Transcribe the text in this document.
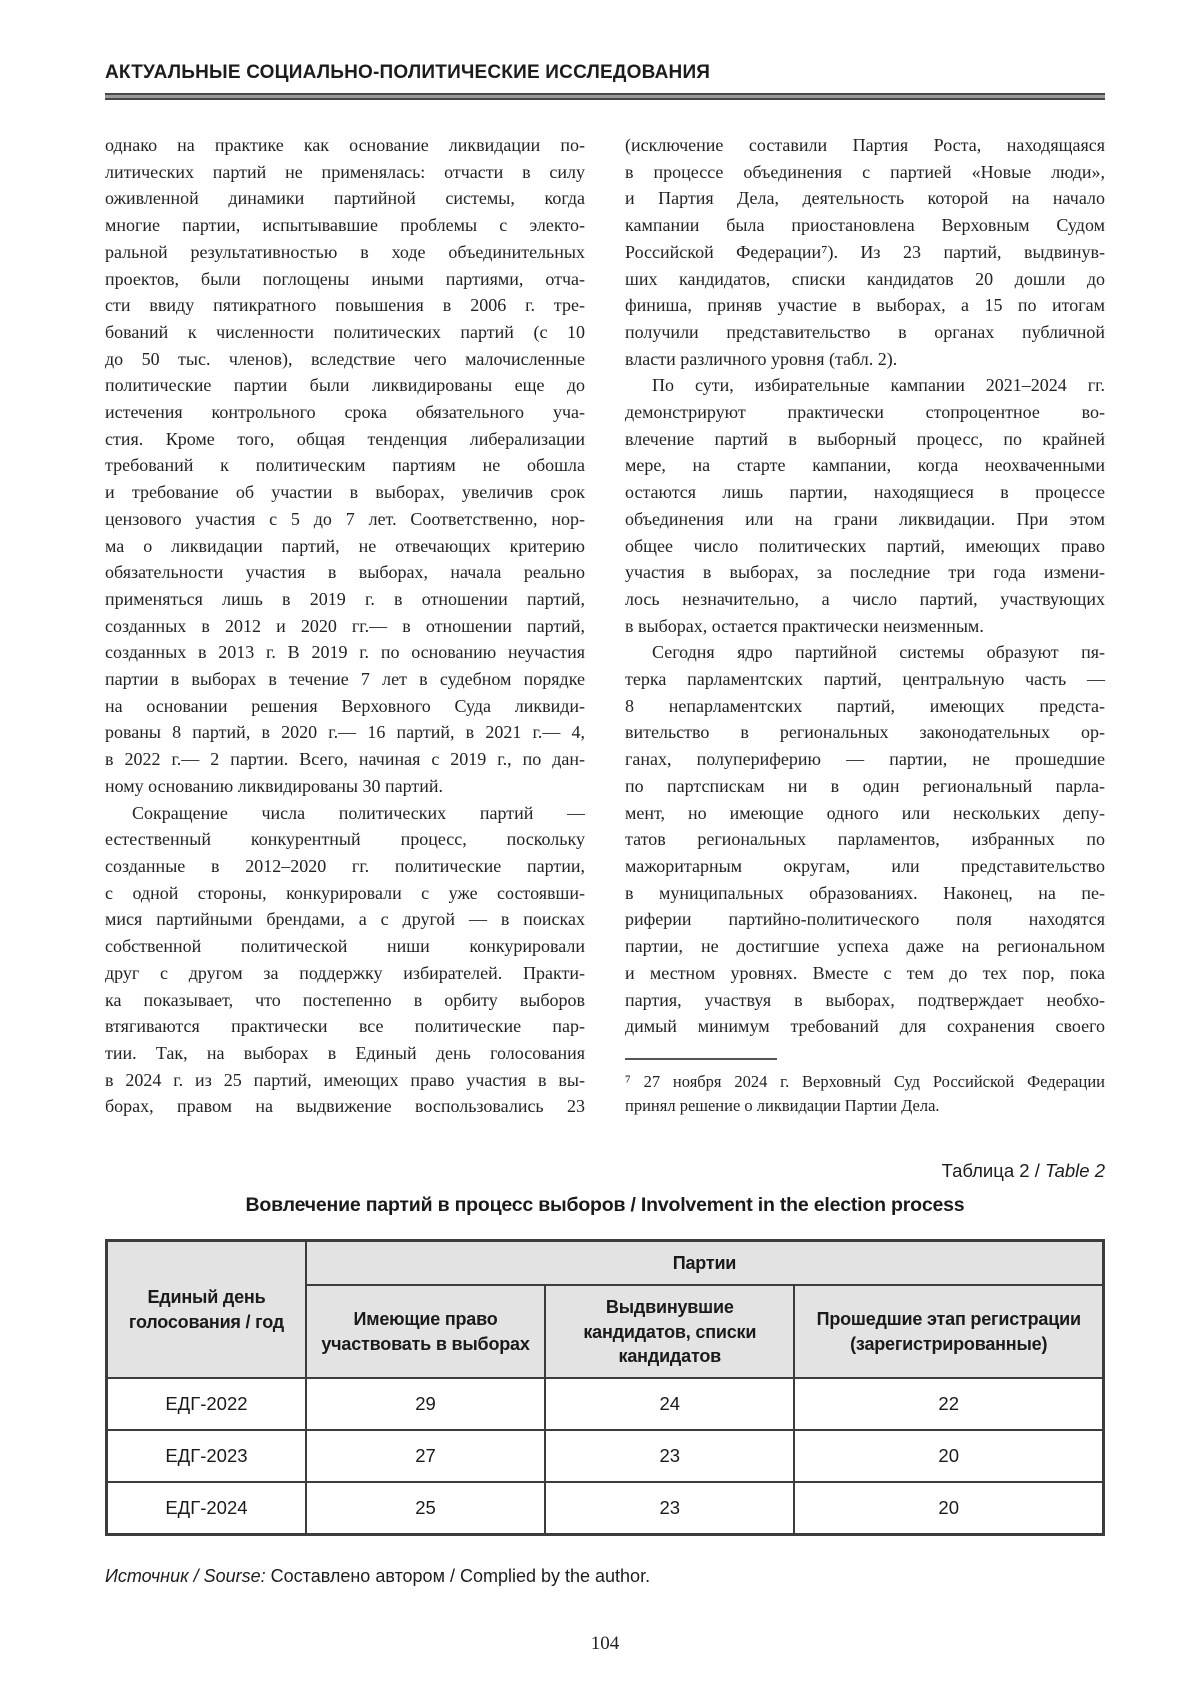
АКТУАЛЬНЫЕ СОЦИАЛЬНО-ПОЛИТИЧЕСКИЕ ИССЛЕДОВАНИЯ
однако на практике как основание ликвидации по-
литических партий не применялась: отчасти в силу
оживленной динамики партийной системы, когда
многие партии, испытывавшие проблемы с электо-
ральной результативностью в ходе объединительных
проектов, были поглощены иными партиями, отча-
сти ввиду пятикратного повышения в 2006 г. тре-
бований к численности политических партий (с 10
до 50 тыс. членов), вследствие чего малочисленные
политические партии были ликвидированы еще до
истечения контрольного срока обязательного уча-
стия. Кроме того, общая тенденция либерализации
требований к политическим партиям не обошла
и требование об участии в выборах, увеличив срок
цензового участия с 5 до 7 лет. Соответственно, нор-
ма о ликвидации партий, не отвечающих критерию
обязательности участия в выборах, начала реально
применяться лишь в 2019 г. в отношении партий,
созданных в 2012 и 2020 гг.— в отношении партий,
созданных в 2013 г. В 2019 г. по основанию неучастия
партии в выборах в течение 7 лет в судебном порядке
на основании решения Верховного Суда ликвиди-
рованы 8 партий, в 2020 г.— 16 партий, в 2021 г.— 4,
в 2022 г.— 2 партии. Всего, начиная с 2019 г., по дан-
ному основанию ликвидированы 30 партий.
Сокращение числа политических партий —
естественный конкурентный процесс, поскольку
созданные в 2012–2020 гг. политические партии,
с одной стороны, конкурировали с уже состоявши-
мися партийными брендами, а с другой — в поисках
собственной политической ниши конкурировали
друг с другом за поддержку избирателей. Практи-
ка показывает, что постепенно в орбиту выборов
втягиваются практически все политические пар-
тии. Так, на выборах в Единый день голосования
в 2024 г. из 25 партий, имеющих право участия в вы-
борах, правом на выдвижение воспользовались 23
(исключение составили Партия Роста, находящаяся
в процессе объединения с партией «Новые люди»,
и Партия Дела, деятельность которой на начало
кампании была приостановлена Верховным Судом
Российской Федерации⁷). Из 23 партий, выдвинув-
ших кандидатов, списки кандидатов 20 дошли до
финиша, приняв участие в выборах, а 15 по итогам
получили представительство в органах публичной
власти различного уровня (табл. 2).
По сути, избирательные кампании 2021–2024 гг.
демонстрируют практически стопроцентное во-
влечение партий в выборный процесс, по крайней
мере, на старте кампании, когда неохваченными
остаются лишь партии, находящиеся в процессе
объединения или на грани ликвидации. При этом
общее число политических партий, имеющих право
участия в выборах, за последние три года измени-
лось незначительно, а число партий, участвующих
в выборах, остается практически неизменным.
Сегодня ядро партийной системы образуют пя-
терка парламентских партий, центральную часть —
8 непарламентских партий, имеющих предста-
вительство в региональных законодательных ор-
ганах, полупериферию — партии, не прошедшие
по партспискам ни в один региональный парла-
мент, но имеющие одного или нескольких депу-
татов региональных парламентов, избранных по
мажоритарным округам, или представительство
в муниципальных образованиях. Наконец, на пе-
риферии партийно-политического поля находятся
партии, не достигшие успеха даже на региональном
и местном уровнях. Вместе с тем до тех пор, пока
партия, участвуя в выборах, подтверждает необхо-
димый минимум требований для сохранения своего
⁷ 27 ноября 2024 г. Верховный Суд Российской Федерации
принял решение о ликвидации Партии Дела.
Таблица 2 / Table 2
Вовлечение партий в процесс выборов / Involvement in the election process
Единый день голосования / год	Партии		
	Имеющие право участвовать в выборах	Выдвинувшие кандидатов, списки кандидатов	Прошедшие этап регистрации (зарегистрированные)
ЕДГ-2022	29	24	22
ЕДГ-2023	27	23	20
ЕДГ-2024	25	23	20
Источник / Sourse: Составлено автором / Complied by the author.
104
